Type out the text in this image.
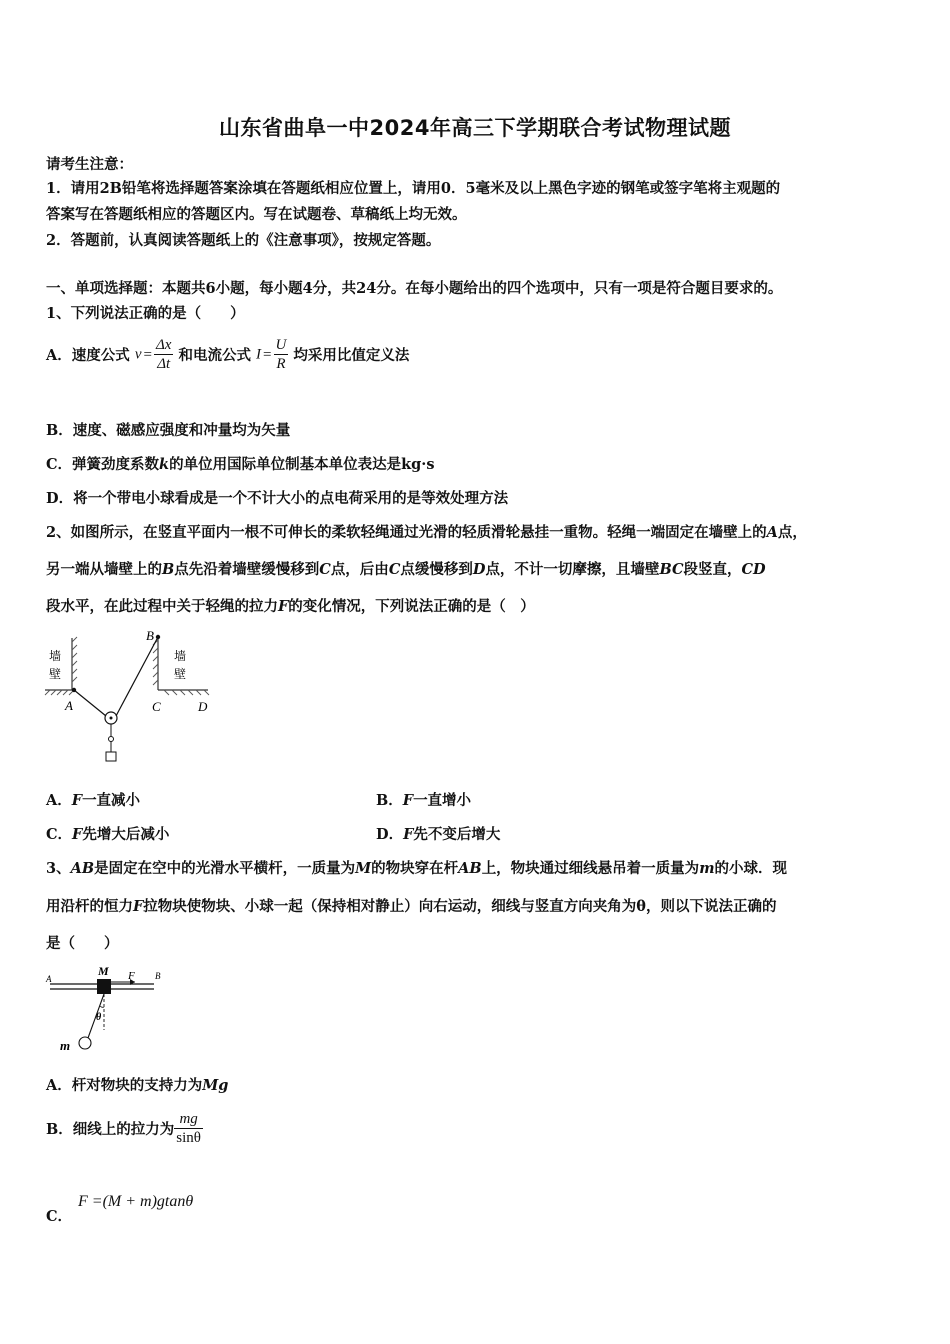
山东省曲阜一中2024年高三下学期联合考试物理试题
请考生注意：
1．请用2B铅笔将选择题答案涂填在答题纸相应位置上，请用0．5毫米及以上黑色字迹的钢笔或签字笔将主观题的
答案写在答题纸相应的答题区内。写在试题卷、草稿纸上均无效。
2．答题前，认真阅读答题纸上的《注意事项》，按规定答题。
一、单项选择题：本题共6小题，每小题4分，共24分。在每小题给出的四个选项中，只有一项是符合题目要求的。
1、下列说法正确的是（　　）
A．速度公式 $v = \frac{\Delta x}{\Delta t}$ 和电流公式 $I = \frac{U}{R}$ 均采用比值定义法
B．速度、磁感应强度和冲量均为矢量
C．弹簧劲度系数k的单位用国际单位制基本单位表达是kg·s
D．将一个带电小球看成是一个不计大小的点电荷采用的是等效处理方法
2、如图所示，在竖直平面内一根不可伸长的柔软轻绳通过光滑的轻质滑轮悬挂一重物。轻绳一端固定在墙壁上的A点，
另一端从墙壁上的B点先沿着墙壁缓慢移到C点，后由C点缓慢移到D点，不计一切摩擦，且墙壁BC段竖直，CD
段水平，在此过程中关于轻绳的拉力F的变化情况，下列说法正确的是（　）
墙
壁
A
墙
壁
B
C	D
A．F一直减小	B．F一直增小
C．F先增大后减小	D．F先不变后增大
3、AB是固定在空中的光滑水平横杆，一质量为M的物块穿在杆AB上，物块通过细线悬吊着一质量为m的小球．现
用沿杆的恒力F拉物块使物块、小球一起（保持相对静止）向右运动，细线与竖直方向夹角为θ，则以下说法正确的
是（　　）
A	B
M F
θ
m
A．杆对物块的支持力为Mg
B．细线上的拉力为 $\frac{mg}{\sin\theta}$
C．
F =(M + m)gtanθ
